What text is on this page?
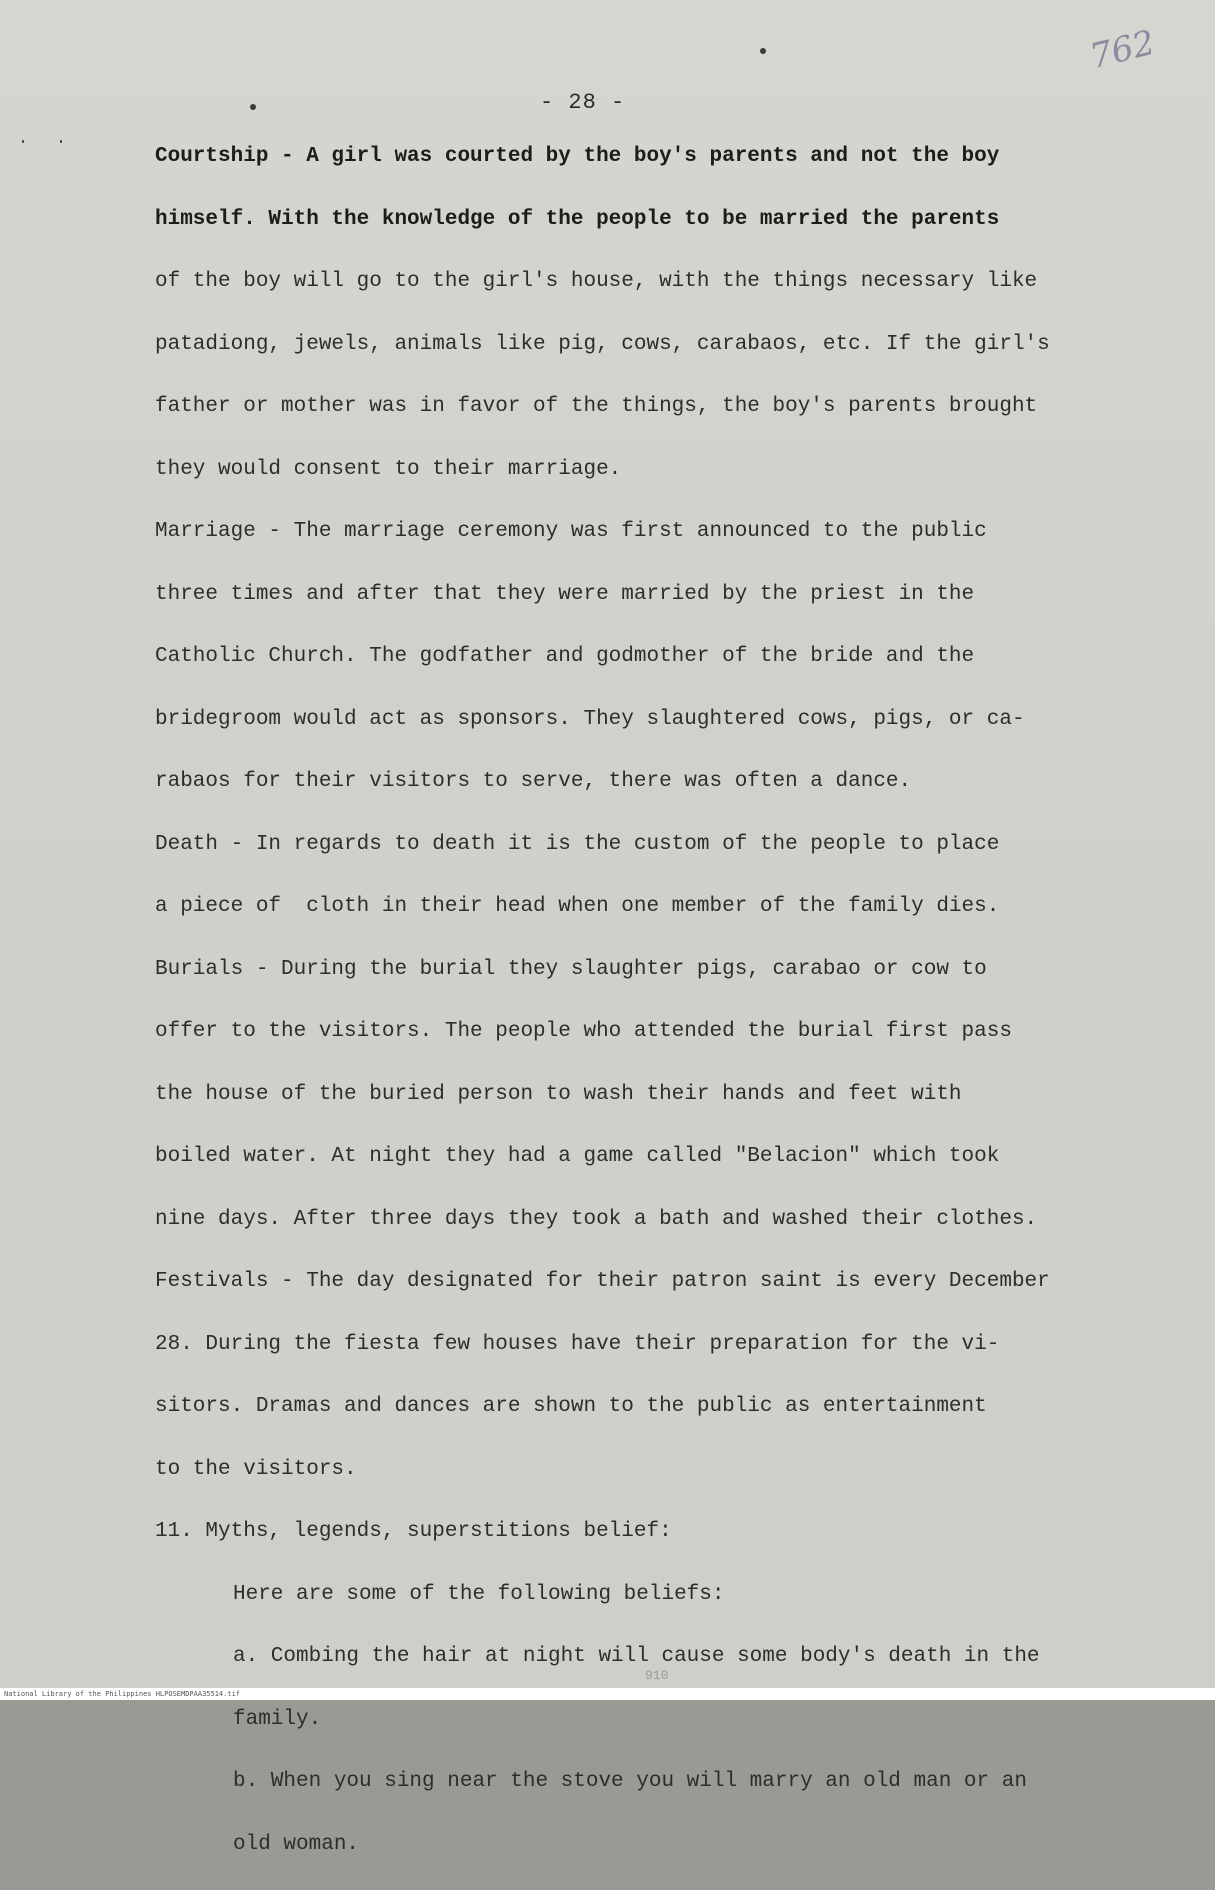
- 28 -
762
Courtship - A girl was courted by the boy's parents and not the boy
himself. With the knowledge of the people to be married the parents
of the boy will go to the girl's house, with the things necessary like
patadiong, jewels, animals like pig, cows, carabaos, etc. If the girl's
father or mother was in favor of the things, the boy's parents brought
they would consent to their marriage.
Marriage - The marriage ceremony was first announced to the public
three times and after that they were married by the priest in the
Catholic Church. The godfather and godmother of the bride and the
bridegroom would act as sponsors. They slaughtered cows, pigs, or ca-
rabaos for their visitors to serve, there was often a dance.
Death - In regards to death it is the custom of the people to place
a piece of  cloth in their head when one member of the family dies.
Burials - During the burial they slaughter pigs, carabao or cow to
offer to the visitors. The people who attended the burial first pass
the house of the buried person to wash their hands and feet with
boiled water. At night they had a game called "Belacion" which took
nine days. After three days they took a bath and washed their clothes.
Festivals - The day designated for their patron saint is every December
28. During the fiesta few houses have their preparation for the vi-
sitors. Dramas and dances are shown to the public as entertainment
to the visitors.
11. Myths, legends, superstitions belief:
Here are some of the following beliefs:
a. Combing the hair at night will cause some body's death in the
family.
b. When you sing near the stove you will marry an old man or an
old woman.
910
National Library of the Philippines HLPOSEMDPAA35514.tif
